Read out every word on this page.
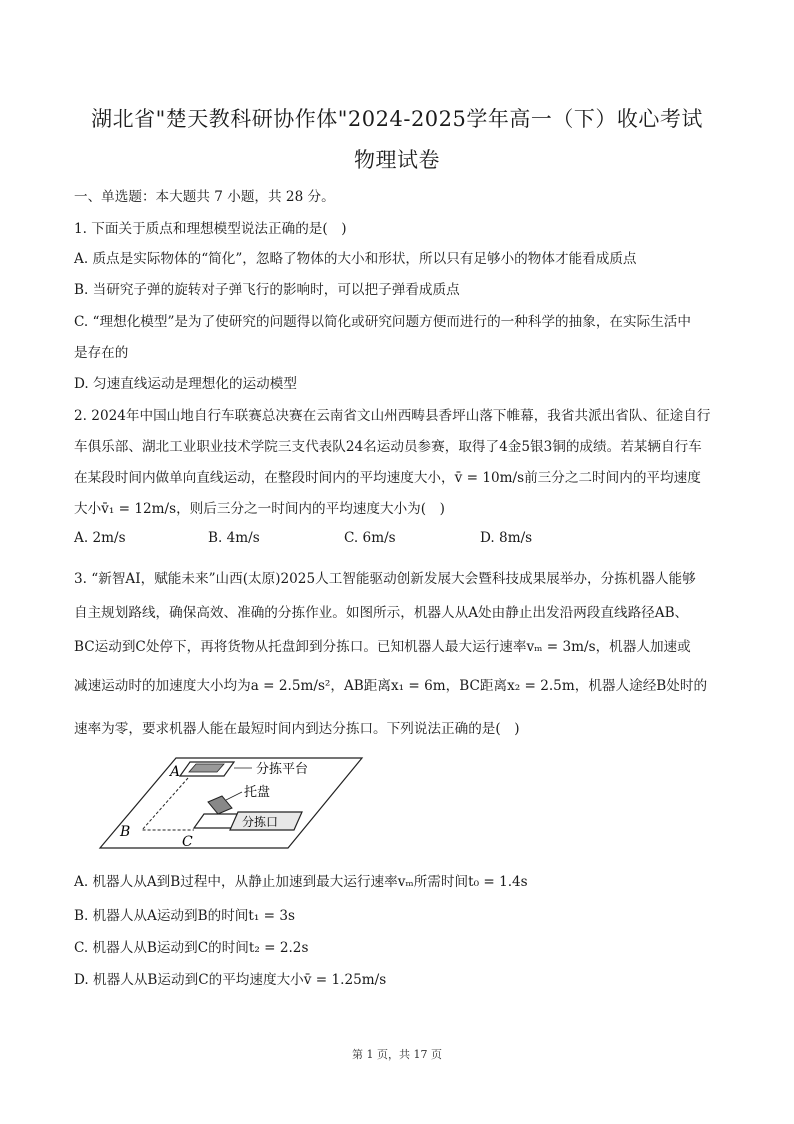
湖北省"楚天教科研协作体"2024-2025学年高一（下）收心考试
物理试卷
一、单选题：本大题共 7 小题，共 28 分。
1. 下面关于质点和理想模型说法正确的是(　)
A. 质点是实际物体的“简化”，忽略了物体的大小和形状，所以只有足够小的物体才能看成质点
B. 当研究子弹的旋转对子弹飞行的影响时，可以把子弹看成质点
C. “理想化模型”是为了使研究的问题得以简化或研究问题方便而进行的一种科学的抽象，在实际生活中
是存在的
D. 匀速直线运动是理想化的运动模型
2. 2024年中国山地自行车联赛总决赛在云南省文山州西畴县香坪山落下帷幕，我省共派出省队、征途自行
车俱乐部、湖北工业职业技术学院三支代表队24名运动员参赛，取得了4金5银3铜的成绩。若某辆自行车
在某段时间内做单向直线运动，在整段时间内的平均速度大小，v̄ = 10m/s前三分之二时间内的平均速度
大小v̄₁ = 12m/s，则后三分之一时间内的平均速度大小为(　)
A. 2m/s	B. 4m/s	C. 6m/s	D. 8m/s
3. “新智AI，赋能未来”山西(太原)2025人工智能驱动创新发展大会暨科技成果展举办，分拣机器人能够
自主规划路线，确保高效、准确的分拣作业。如图所示，机器人从A处由静止出发沿两段直线路径AB、
BC运动到C处停下，再将货物从托盘卸到分拣口。已知机器人最大运行速率vₘ = 3m/s，机器人加速或
减速运动时的加速度大小均为a = 2.5m/s²，AB距离x₁ = 6m，BC距离x₂ = 2.5m，机器人途经B处时的
速率为零，要求机器人能在最短时间内到达分拣口。下列说法正确的是(　)
分拣平台
托盘
分拣口
A
B
C
A. 机器人从A到B过程中，从静止加速到最大运行速率vₘ所需时间t₀ = 1.4s
B. 机器人从A运动到B的时间t₁ = 3s
C. 机器人从B运动到C的时间t₂ = 2.2s
D. 机器人从B运动到C的平均速度大小v̄ = 1.25m/s
第 1 页，共 17 页
